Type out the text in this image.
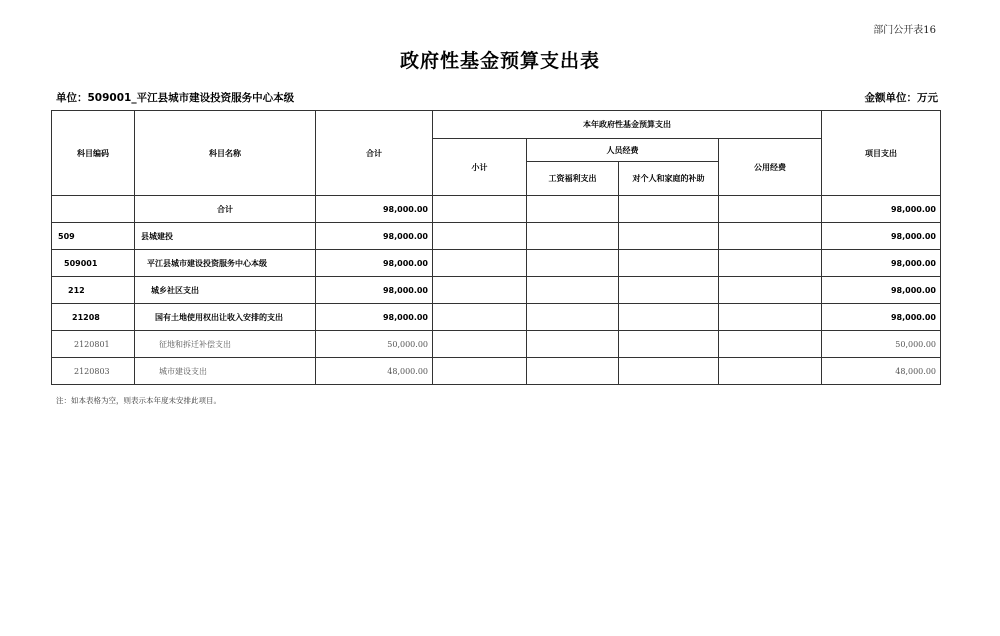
部门公开表16
政府性基金预算支出表
单位：509001_平江县城市建设投资服务中心本级	金额单位：万元
科目编码	科目名称	合计	本年政府性基金预算支出				项目支出
			小计	人员经费		公用经费	
				工资福利支出	对个人和家庭的补助		
	合计	98,000.00					98,000.00
509	县城建投	98,000.00					98,000.00
509001	平江县城市建设投资服务中心本级	98,000.00					98,000.00
212	城乡社区支出	98,000.00					98,000.00
21208	国有土地使用权出让收入安排的支出	98,000.00					98,000.00
2120801	征地和拆迁补偿支出	50,000.00					50,000.00
2120803	城市建设支出	48,000.00					48,000.00
注：如本表格为空，则表示本年度未安排此项目。
